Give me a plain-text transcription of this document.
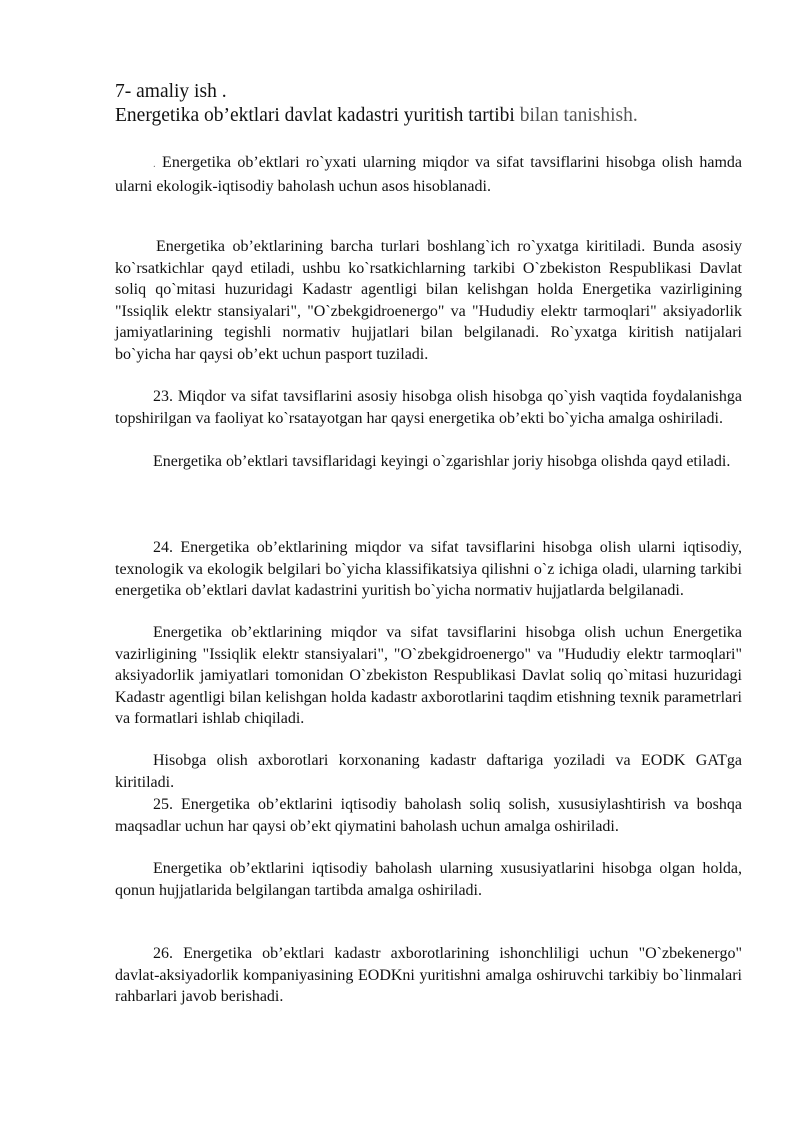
7- amaliy ish .
Energetika ob’ektlari davlat kadastri yuritish tartibi bilan tanishish.
. Energetika ob’ektlari ro`yxati ularning miqdor va sifat tavsiflarini hisobga olish hamda ularni ekologik-iqtisodiy baholash uchun asos hisoblanadi.
Energetika ob’ektlarining barcha turlari boshlang`ich ro`yxatga kiritiladi. Bunda asosiy ko`rsatkichlar qayd etiladi, ushbu ko`rsatkichlarning tarkibi O`zbekiston Respublikasi Davlat soliq qo`mitasi huzuridagi Kadastr agentligi bilan kelishgan holda Energetika vazirligining "Issiqlik elektr stansiyalari", "O`zbekgidroenergo" va "Hududiy elektr tarmoqlari" aksiyadorlik jamiyatlarining tegishli normativ hujjatlari bilan belgilanadi. Ro`yxatga kiritish natijalari bo`yicha har qaysi ob’ekt uchun pasport tuziladi.
23. Miqdor va sifat tavsiflarini asosiy hisobga olish hisobga qo`yish vaqtida foydalanishga topshirilgan va faoliyat ko`rsatayotgan har qaysi energetika ob’ekti bo`yicha amalga oshiriladi.
Energetika ob’ektlari tavsiflaridagi keyingi o`zgarishlar joriy hisobga olishda qayd etiladi.
24. Energetika ob’ektlarining miqdor va sifat tavsiflarini hisobga olish ularni iqtisodiy, texnologik va ekologik belgilari bo`yicha klassifikatsiya qilishni o`z ichiga oladi, ularning tarkibi energetika ob’ektlari davlat kadastrini yuritish bo`yicha normativ hujjatlarda belgilanadi.
Energetika ob’ektlarining miqdor va sifat tavsiflarini hisobga olish uchun Energetika vazirligining "Issiqlik elektr stansiyalari", "O`zbekgidroenergo" va "Hududiy elektr tarmoqlari" aksiyadorlik jamiyatlari tomonidan O`zbekiston Respublikasi Davlat soliq qo`mitasi huzuridagi Kadastr agentligi bilan kelishgan holda kadastr axborotlarini taqdim etishning texnik parametrlari va formatlari ishlab chiqiladi.
Hisobga olish axborotlari korxonaning kadastr daftariga yoziladi va EODK GATga kiritiladi.
25. Energetika ob’ektlarini iqtisodiy baholash soliq solish, xususiylashtirish va boshqa maqsadlar uchun har qaysi ob’ekt qiymatini baholash uchun amalga oshiriladi.
Energetika ob’ektlarini iqtisodiy baholash ularning xususiyatlarini hisobga olgan holda, qonun hujjatlarida belgilangan tartibda amalga oshiriladi.
26. Energetika ob’ektlari kadastr axborotlarining ishonchliligi uchun "O`zbekenergo" davlat-aksiyadorlik kompaniyasining EODKni yuritishni amalga oshiruvchi tarkibiy bo`linmalari rahbarlari javob berishadi.
